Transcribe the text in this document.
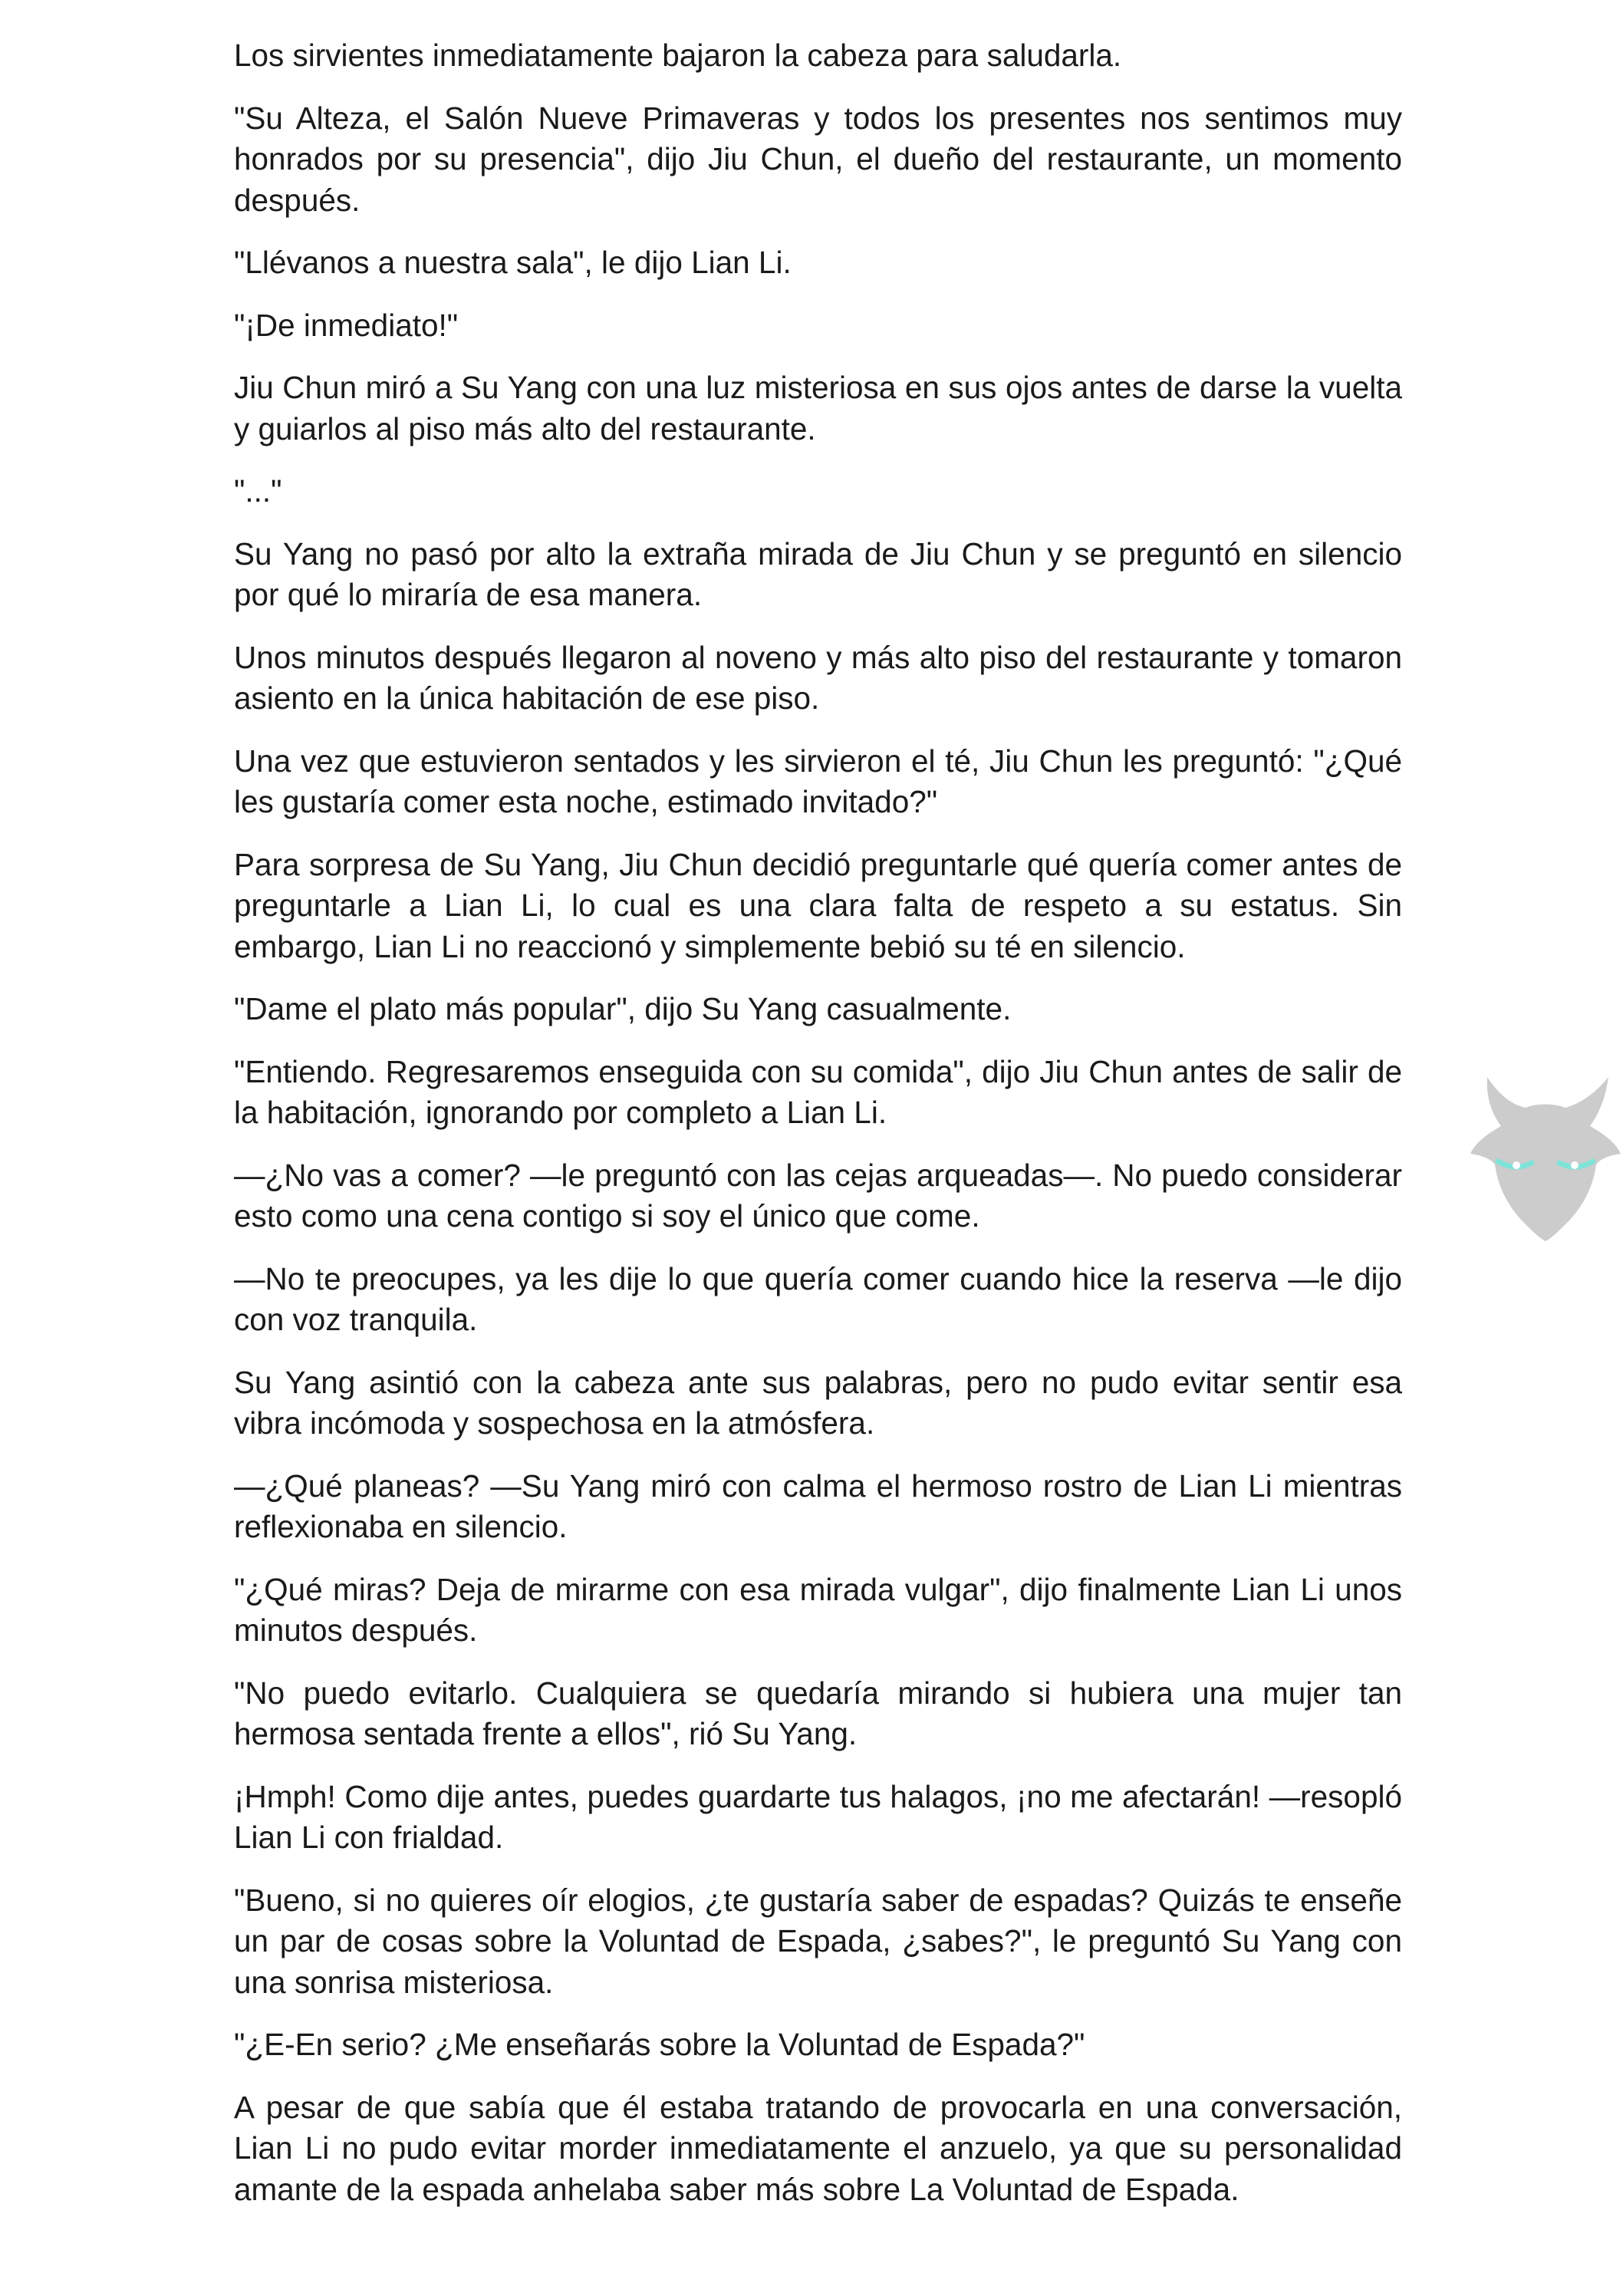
Los sirvientes inmediatamente bajaron la cabeza para saludarla.

"Su Alteza, el Salón Nueve Primaveras y todos los presentes nos sentimos muy honrados por su presencia", dijo Jiu Chun, el dueño del restaurante, un momento después.

"Llévanos a nuestra sala", le dijo Lian Li.

"¡De inmediato!"

Jiu Chun miró a Su Yang con una luz misteriosa en sus ojos antes de darse la vuelta y guiarlos al piso más alto del restaurante.

"..."

Su Yang no pasó por alto la extraña mirada de Jiu Chun y se preguntó en silencio por qué lo miraría de esa manera.

Unos minutos después llegaron al noveno y más alto piso del restaurante y tomaron asiento en la única habitación de ese piso.

Una vez que estuvieron sentados y les sirvieron el té, Jiu Chun les preguntó: "¿Qué les gustaría comer esta noche, estimado invitado?"

Para sorpresa de Su Yang, Jiu Chun decidió preguntarle qué quería comer antes de preguntarle a Lian Li, lo cual es una clara falta de respeto a su estatus. Sin embargo, Lian Li no reaccionó y simplemente bebió su té en silencio.

"Dame el plato más popular", dijo Su Yang casualmente.

"Entiendo. Regresaremos enseguida con su comida", dijo Jiu Chun antes de salir de la habitación, ignorando por completo a Lian Li.

—¿No vas a comer? —le preguntó con las cejas arqueadas—. No puedo considerar esto como una cena contigo si soy el único que come.

—No te preocupes, ya les dije lo que quería comer cuando hice la reserva —le dijo con voz tranquila.

Su Yang asintió con la cabeza ante sus palabras, pero no pudo evitar sentir esa vibra incómoda y sospechosa en la atmósfera.

—¿Qué planeas? —Su Yang miró con calma el hermoso rostro de Lian Li mientras reflexionaba en silencio.

"¿Qué miras? Deja de mirarme con esa mirada vulgar", dijo finalmente Lian Li unos minutos después.

"No puedo evitarlo. Cualquiera se quedaría mirando si hubiera una mujer tan hermosa sentada frente a ellos", rió Su Yang.

¡Hmph! Como dije antes, puedes guardarte tus halagos, ¡no me afectarán! —resopló Lian Li con frialdad.

"Bueno, si no quieres oír elogios, ¿te gustaría saber de espadas? Quizás te enseñe un par de cosas sobre la Voluntad de Espada, ¿sabes?", le preguntó Su Yang con una sonrisa misteriosa.

"¿E-En serio? ¿Me enseñarás sobre la Voluntad de Espada?"

A pesar de que sabía que él estaba tratando de provocarla en una conversación, Lian Li no pudo evitar morder inmediatamente el anzuelo, ya que su personalidad amante de la espada anhelaba saber más sobre La Voluntad de Espada.
